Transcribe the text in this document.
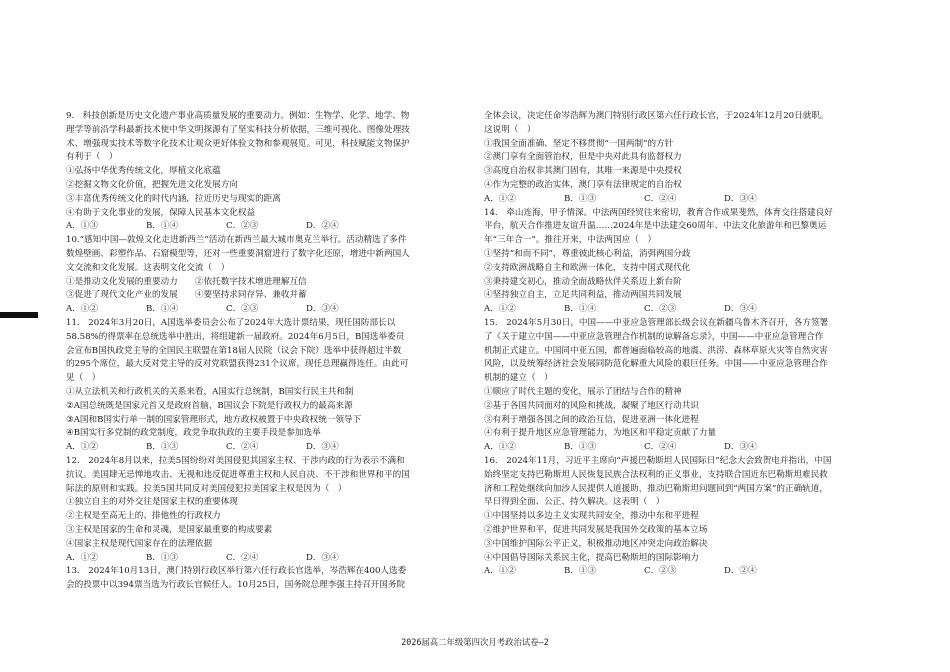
9.　科技创新是历史文化遗产事业高质量发展的重要动力。例如：生物学、化学、地学、物
理学等前沿学科最新技术使中华文明探源有了坚实科技分析依据，三维可视化、图像处理技
术、增强现实技术等数字化技术让观众更好体验文物和参观展览。可见，科技赋能文物保护
有利于（　）
①弘扬中华优秀传统文化，厚植文化底蕴
②挖掘文物文化价值，把握先进文化发展方向
③丰富优秀传统文化的时代内涵，拉近历史与现实的距离
④有助于文化事业的发展，保障人民基本文化权益
A．①③	B．①④	C．②③	D．②④
10.“感知中国—敦煌文化走进新西兰”活动在新西兰最大城市奥克兰举行。活动精选了多件
数煌壁画、彩塑作品、石窟模型等，还对一些重要洞窟进行了数字化还原，增进中新两国人
文交流和文化发展。这表明文化交流（　）
①是推动文化发展的重要动力　　②依托数字技术增进理解互信
③促进了现代文化产业的发展　　④要坚持求同存异、兼收并蓄
A．①②	B．①④	C．②③	D．③④
11.　2024年3月20日，A国选举委员会公布了2024年大选计票结果，现任国防部长以
58.58%的得票率在总统选举中胜出，将组建新一届政府。2024年6月5日，B国选举委员
会宣布B国执政党主导的全国民主联盟在第18届人民院（议会下院）选举中获得超过半数
的295个席位，最大反对党主导的反对党联盟获得231个议席，现任总理赢得连任。由此可
见（　）
①从立法机关和行政机关的关系来看，A国实行总统制，B国实行民主共和制
②A国总统既是国家元首又是政府首脑，B国议会下院是行政权力的最高来源
③A国和B国实行单一制的国家管理形式，地方政权被置于中央政权统一领导下
④B国实行多党制的政党制度，政党争取执政的主要手段是参加选举
A．①②	B．①③	C．②④	D．③④
12.　2024年8月以来，拉美5国纷纷对美国侵犯其国家主权、干涉内政的行为表示不满和
抗议。美国肆无忌惮地攻击、无视和违反促进尊重主权和人民自决、不干涉和世界和平的国
际法的原则和实践。拉美5国共同反对美国侵犯拉美国家主权是因为（　）
①独立自主的对外交往是国家主权的重要体现
②主权是至高无上的、排他性的行政权力
③主权是国家的生命和灵魂，是国家最重要的构成要素
④国家主权是现代国家存在的法理依据
A．①②	B．①③	C．②④	D．③④
13.　2024年10月13日，澳门特别行政区举行第六任行政长官选举，岑浩辉在400人选委
会的投票中以394票当选为行政长官候任人。10月25日，国务院总理李强主持召开国务院
全体会议，决定任命岑浩辉为澳门特别行政区第六任行政长官，于2024年12月20日就职。
这说明（　）
①我国全面准确、坚定不移贯彻“一国两制”的方针
②澳门享有全面管治权，但是中央对此具有监督权力
③高度自治权非其澳门固有，其唯一来源是中央授权
④作为完整的政治实体，澳门享有法律规定的自治权
A．①②	B．①③	C．②④	D．③④
14.　牵山连海，甲子情深。中法两国经贸往来密切，教育合作成果斐然，体育交往搭建良好
平台，航天合作推进友谊升温……2024年是中法建交60周年、中法文化旅游年和巴黎奥运
年“三年合一”。推往开来，中法两国应（　）
①坚持“和而不同”，尊重彼此核心利益，消弭两国分歧
②支持欧洲战略自主和欧洲一体化，支持中国式现代化
③秉持建交初心，推动全面战略伙伴关系迈上新台阶
④坚持独立自主，立足共同利益，推动两国共同发展
A．①②	B．①④	C．②③	D．③④
15.　2024年5月30日，中国——中亚应急管理部长级会议在新疆乌鲁木齐召开，各方签署
了《关于建立中国——中亚应急管理合作机制的谅解备忘录》，中国——中亚应急管理合作
机制正式建立。中国同中亚五国，都普遍面临较高的地震、洪涝、森林草原火灾等自然灾害
风险，以及统筹经济社会发展同防范化解重大风险的艰巨任务。中国——中亚应急管理合作
机制的建立（　）
①顺应了时代主题的变化，展示了团结与合作的精神
②基于各国共同面对的风险和挑战，凝聚了地区行动共识
③有利于增强各国之间的政治互信，促进亚洲一体化进程
④有利于提升地区应急管理能力，为地区和平稳定贡献了力量
A．①②	B．①③	C．②④	D．③④
16.　2024年11月，习近平主席向“声援巴勒斯坦人民国际日”纪念大会致贺电并指出，中国
始终坚定支持巴勒斯坦人民恢复民族合法权利的正义事业，支持联合国近东巴勒斯坦难民救
济和工程处继续向加沙人民提供人道援助，推动巴勒斯坦问题回到“两国方案”的正确轨道，
早日得到全面、公正、持久解决。这表明（　）
①中国坚持以多边主义实现共同安全，推动中东和平进程
②维护世界和平，促进共同发展是我国外交政策的基本立场
③中国维护国际公平正义，积极推动地区冲突走向政治解决
④中国倡导国际关系民主化，提高巴勒斯坦的国际影响力
A．①②	B．①③	C．②③	D．②④
2026届高二年级第四次月考政治试卷—2
